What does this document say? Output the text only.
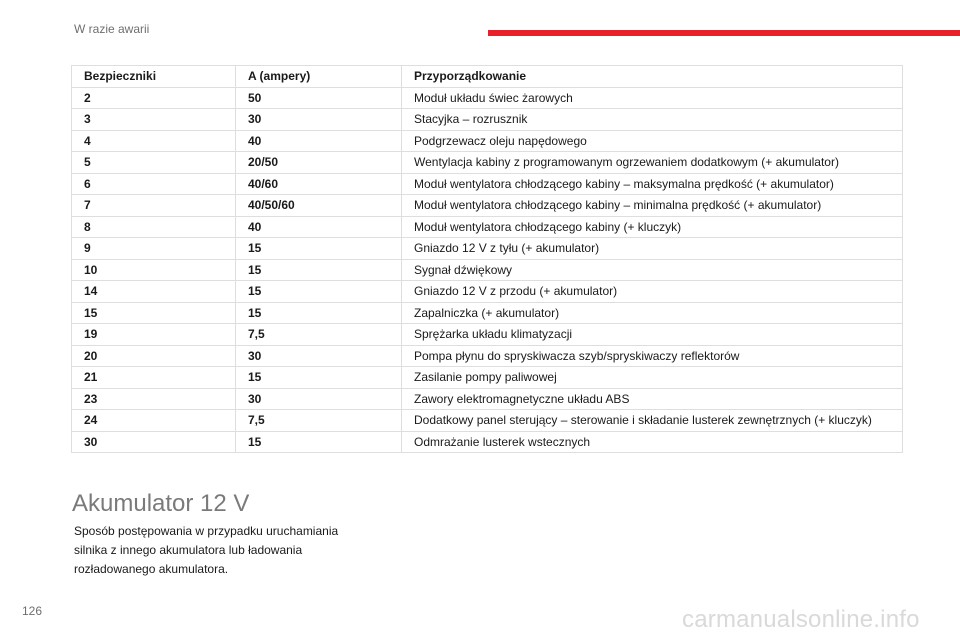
W razie awarii
Bezpieczniki	A (ampery)	Przyporządkowanie
2	50	Moduł układu świec żarowych
3	30	Stacyjka – rozrusznik
4	40	Podgrzewacz oleju napędowego
5	20/50	Wentylacja kabiny z programowanym ogrzewaniem dodatkowym (+ akumulator)
6	40/60	Moduł wentylatora chłodzącego kabiny – maksymalna prędkość (+ akumulator)
7	40/50/60	Moduł wentylatora chłodzącego kabiny – minimalna prędkość (+ akumulator)
8	40	Moduł wentylatora chłodzącego kabiny (+ kluczyk)
9	15	Gniazdo 12 V z tyłu (+ akumulator)
10	15	Sygnał dźwiękowy
14	15	Gniazdo 12 V z przodu (+ akumulator)
15	15	Zapalniczka (+ akumulator)
19	7,5	Sprężarka układu klimatyzacji
20	30	Pompa płynu do spryskiwacza szyb/spryskiwaczy reflektorów
21	15	Zasilanie pompy paliwowej
23	30	Zawory elektromagnetyczne układu ABS
24	7,5	Dodatkowy panel sterujący – sterowanie i składanie lusterek zewnętrznych (+ kluczyk)
30	15	Odmrażanie lusterek wstecznych
Akumulator 12 V

Sposób postępowania w przypadku uruchamiania silnika z innego akumulatora lub ładowania rozładowanego akumulatora.

126	carmanualsonline.info
